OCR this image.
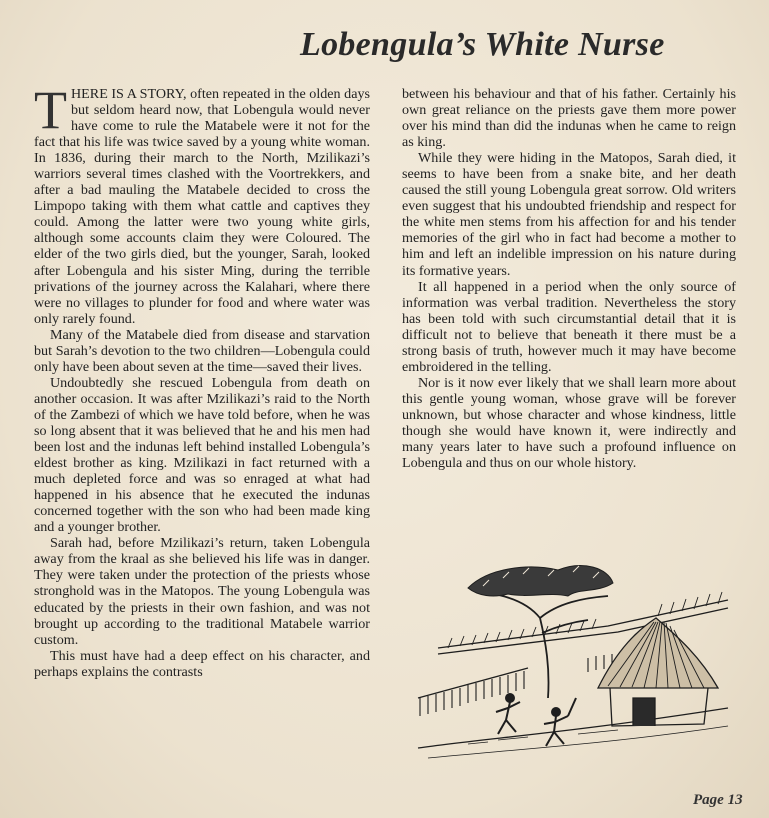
Lobengula’s White Nurse

THERE IS A STORY, often repeated in the olden days but seldom heard now, that Lobengula would never have come to rule the Matabele were it not for the fact that his life was twice saved by a young white woman. In 1836, during their march to the North, Mzilikazi’s warriors several times clashed with the Voortrekkers, and after a bad mauling the Matabele decided to cross the Limpopo taking with them what cattle and captives they could. Among the latter were two young white girls, although some accounts claim they were Coloured. The elder of the two girls died, but the younger, Sarah, looked after Lobengula and his sister Ming, during the terrible privations of the journey across the Kalahari, where there were no villages to plunder for food and where water was only rarely found.

Many of the Matabele died from disease and starvation but Sarah’s devotion to the two children—Lobengula could only have been about seven at the time—saved their lives.

Undoubtedly she rescued Lobengula from death on another occasion. It was after Mzilikazi’s raid to the North of the Zambezi of which we have told before, when he was so long absent that it was believed that he and his men had been lost and the indunas left behind installed Lobengula’s eldest brother as king. Mzilikazi in fact returned with a much depleted force and was so enraged at what had happened in his absence that he executed the indunas concerned together with the son who had been made king and a younger brother.

Sarah had, before Mzilikazi’s return, taken Lobengula away from the kraal as she believed his life was in danger. They were taken under the protection of the priests whose stronghold was in the Matopos. The young Lobengula was educated by the priests in their own fashion, and was not brought up according to the traditional Matabele warrior custom.

This must have had a deep effect on his character, and perhaps explains the contrasts

between his behaviour and that of his father. Certainly his own great reliance on the priests gave them more power over his mind than did the indunas when he came to reign as king.

While they were hiding in the Matopos, Sarah died, it seems to have been from a snake bite, and her death caused the still young Lobengula great sorrow. Old writers even suggest that his undoubted friendship and respect for the white men stems from his affection for and his tender memories of the girl who in fact had become a mother to him and left an indelible impression on his nature during its formative years.

It all happened in a period when the only source of information was verbal tradition. Nevertheless the story has been told with such circumstantial detail that it is difficult not to believe that beneath it there must be a strong basis of truth, however much it may have become embroidered in the telling.

Nor is it now ever likely that we shall learn more about this gentle young woman, whose grave will be forever unknown, but whose character and whose kindness, little though she would have known it, were indirectly and many years later to have such a profound influence on Lobengula and thus on our whole history.

Page 13
